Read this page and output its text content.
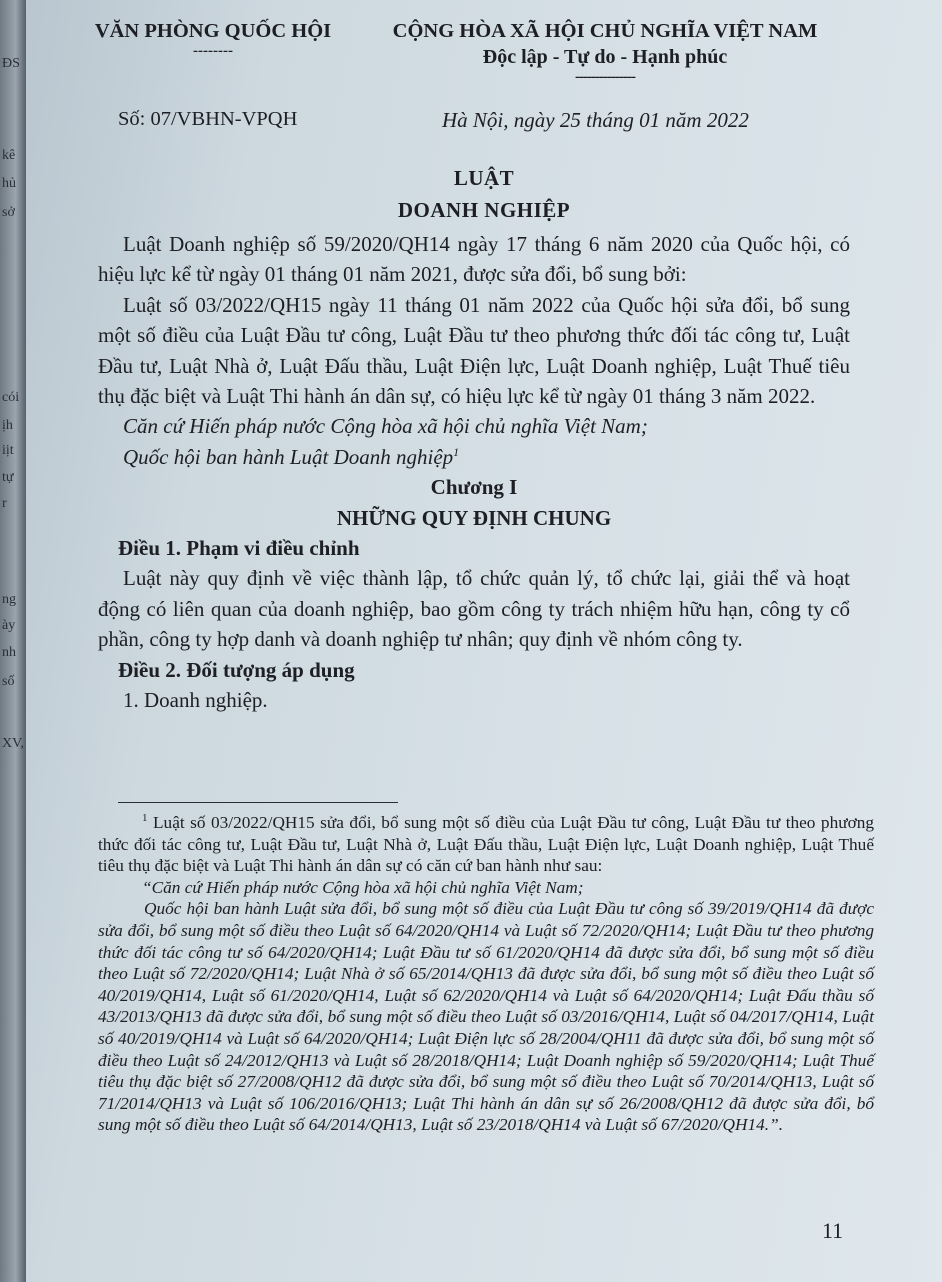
ĐS
kê
hủ
sở
cói
ịh
iịt
tự
r
ng
ày
nh
số
XV,
VĂN PHÒNG QUỐC HỘI
--------
CỘNG HÒA XÃ HỘI CHỦ NGHĨA VIỆT NAM
Độc lập - Tự do - Hạnh phúc
---------------
Số: 07/VBHN-VPQH	Hà Nội, ngày 25 tháng 01 năm 2022
LUẬT
DOANH NGHIỆP

Luật Doanh nghiệp số 59/2020/QH14 ngày 17 tháng 6 năm 2020 của Quốc hội, có hiệu lực kể từ ngày 01 tháng 01 năm 2021, được sửa đổi, bổ sung bởi:

Luật số 03/2022/QH15 ngày 11 tháng 01 năm 2022 của Quốc hội sửa đổi, bổ sung một số điều của Luật Đầu tư công, Luật Đầu tư theo phương thức đối tác công tư, Luật Đầu tư, Luật Nhà ở, Luật Đấu thầu, Luật Điện lực, Luật Doanh nghiệp, Luật Thuế tiêu thụ đặc biệt và Luật Thi hành án dân sự, có hiệu lực kể từ ngày 01 tháng 3 năm 2022.

Căn cứ Hiến pháp nước Cộng hòa xã hội chủ nghĩa Việt Nam;

Quốc hội ban hành Luật Doanh nghiệp$^1$

Chương I

NHỮNG QUY ĐỊNH CHUNG

Điều 1. Phạm vi điều chỉnh

Luật này quy định về việc thành lập, tổ chức quản lý, tổ chức lại, giải thể và hoạt động có liên quan của doanh nghiệp, bao gồm công ty trách nhiệm hữu hạn, công ty cổ phần, công ty hợp danh và doanh nghiệp tư nhân; quy định về nhóm công ty.

Điều 2. Đối tượng áp dụng

1. Doanh nghiệp.

$^1$ Luật số 03/2022/QH15 sửa đổi, bổ sung một số điều của Luật Đầu tư công, Luật Đầu tư theo phương thức đối tác công tư, Luật Đầu tư, Luật Nhà ở, Luật Đấu thầu, Luật Điện lực, Luật Doanh nghiệp, Luật Thuế tiêu thụ đặc biệt và Luật Thi hành án dân sự có căn cứ ban hành như sau:

“Căn cứ Hiến pháp nước Cộng hòa xã hội chủ nghĩa Việt Nam;

Quốc hội ban hành Luật sửa đổi, bổ sung một số điều của Luật Đầu tư công số 39/2019/QH14 đã được sửa đổi, bổ sung một số điều theo Luật số 64/2020/QH14 và Luật số 72/2020/QH14; Luật Đầu tư theo phương thức đối tác công tư số 64/2020/QH14; Luật Đầu tư số 61/2020/QH14 đã được sửa đổi, bổ sung một số điều theo Luật số 72/2020/QH14; Luật Nhà ở số 65/2014/QH13 đã được sửa đổi, bổ sung một số điều theo Luật số 40/2019/QH14, Luật số 61/2020/QH14, Luật số 62/2020/QH14 và Luật số 64/2020/QH14; Luật Đấu thầu số 43/2013/QH13 đã được sửa đổi, bổ sung một số điều theo Luật số 03/2016/QH14, Luật số 04/2017/QH14, Luật số 40/2019/QH14 và Luật số 64/2020/QH14; Luật Điện lực số 28/2004/QH11 đã được sửa đổi, bổ sung một số điều theo Luật số 24/2012/QH13 và Luật số 28/2018/QH14; Luật Doanh nghiệp số 59/2020/QH14; Luật Thuế tiêu thụ đặc biệt số 27/2008/QH12 đã được sửa đổi, bổ sung một số điều theo Luật số 70/2014/QH13, Luật số 71/2014/QH13 và Luật số 106/2016/QH13; Luật Thi hành án dân sự số 26/2008/QH12 đã được sửa đổi, bổ sung một số điều theo Luật số 64/2014/QH13, Luật số 23/2018/QH14 và Luật số 67/2020/QH14.”.

11
